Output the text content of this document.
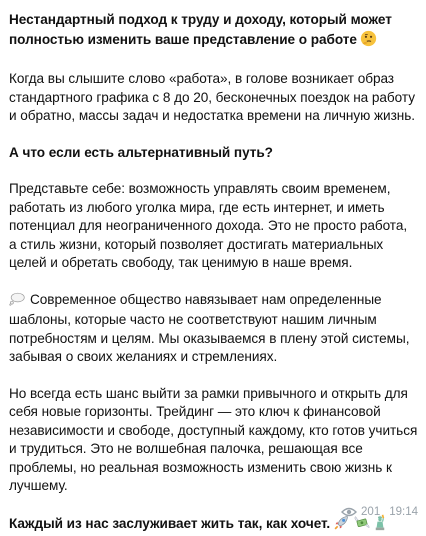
Нестандартный подход к труду и доходу, который может полностью изменить ваше представление о работе

Когда вы слышите слово «работа», в голове возникает образ стандартного графика с 8 до 20, бесконечных поездок на работу и обратно, массы задач и недостатка времени на личную жизнь.

А что если есть альтернативный путь?

Представьте себе: возможность управлять своим временем, работать из любого уголка мира, где есть интернет, и иметь потенциал для неограниченного дохода. Это не просто работа, а стиль жизни, который позволяет достигать материальных целей и обретать свободу, так ценимую в наше время.

Современное общество навязывает нам определенные шаблоны, которые часто не соответствуют нашим личным потребностям и целям. Мы оказываемся в плену этой системы, забывая о своих желаниях и стремлениях.

Но всегда есть шанс выйти за рамки привычного и открыть для себя новые горизонты. Трейдинг — это ключ к финансовой независимости и свободе, доступный каждому, кто готов учиться и трудиться. Это не волшебная палочка, решающая все проблемы, но реальная возможность изменить свою жизнь к лучшему.

Каждый из нас заслуживает жить так, как хочет.

201 19:14
